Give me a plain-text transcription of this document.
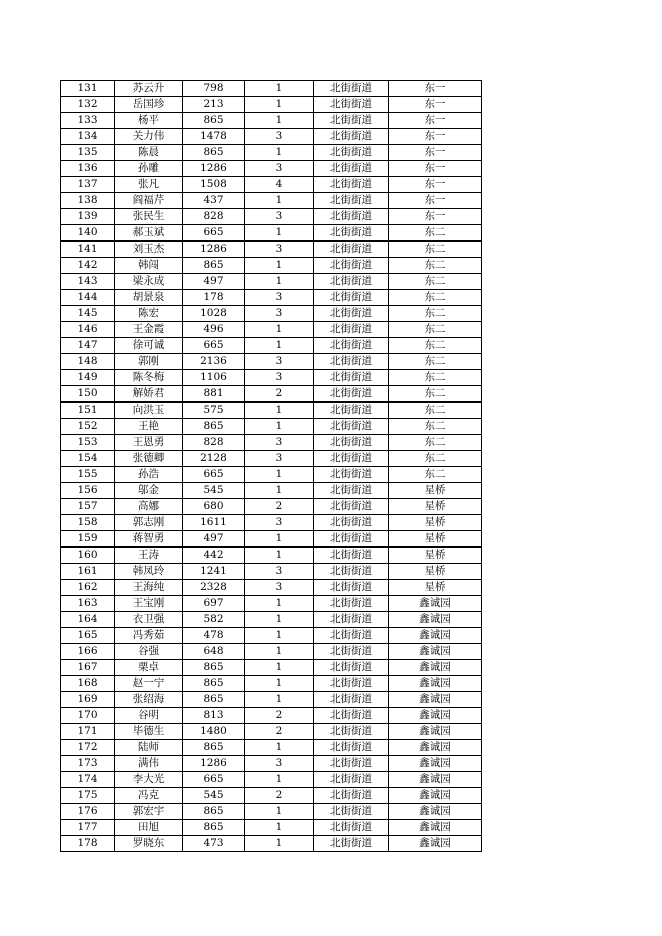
131	苏云升	798	1	北街街道	东一
132	岳国珍	213	1	北街街道	东一
133	杨平	865	1	北街街道	东一
134	关力伟	1478	3	北街街道	东一
135	陈晨	865	1	北街街道	东一
136	孙雕	1286	3	北街街道	东一
137	张凡	1508	4	北街街道	东一
138	阎福芹	437	1	北街街道	东一
139	张民生	828	3	北街街道	东一
140	郝玉斌	665	1	北街街道	东二
141	刘玉杰	1286	3	北街街道	东二
142	韩闯	865	1	北街街道	东二
143	梁永成	497	1	北街街道	东二
144	胡景泉	178	3	北街街道	东二
145	陈宏	1028	3	北街街道	东二
146	王金霞	496	1	北街街道	东二
147	徐可诚	665	1	北街街道	东二
148	郭刚	2136	3	北街街道	东二
149	陈冬梅	1106	3	北街街道	东二
150	解娇君	881	2	北街街道	东二
151	向洪玉	575	1	北街街道	东二
152	王艳	865	1	北街街道	东二
153	王恩勇	828	3	北街街道	东二
154	张德卿	2128	3	北街街道	东二
155	孙浩	665	1	北街街道	东二
156	邬金	545	1	北街街道	星桥
157	高娜	680	2	北街街道	星桥
158	郭志刚	1611	3	北街街道	星桥
159	蒋智勇	497	1	北街街道	星桥
160	王涛	442	1	北街街道	星桥
161	韩凤玲	1241	3	北街街道	星桥
162	王海纯	2328	3	北街街道	星桥
163	王宝刚	697	1	北街街道	鑫诚园
164	衣卫强	582	1	北街街道	鑫诚园
165	冯秀茹	478	1	北街街道	鑫诚园
166	谷强	648	1	北街街道	鑫诚园
167	栗卓	865	1	北街街道	鑫诚园
168	赵一宁	865	1	北街街道	鑫诚园
169	张绍海	865	1	北街街道	鑫诚园
170	谷明	813	2	北街街道	鑫诚园
171	毕德生	1480	2	北街街道	鑫诚园
172	陆师	865	1	北街街道	鑫诚园
173	满伟	1286	3	北街街道	鑫诚园
174	李大光	665	1	北街街道	鑫诚园
175	冯克	545	2	北街街道	鑫诚园
176	郭宏宇	865	1	北街街道	鑫诚园
177	田旭	865	1	北街街道	鑫诚园
178	罗晓东	473	1	北街街道	鑫诚园
